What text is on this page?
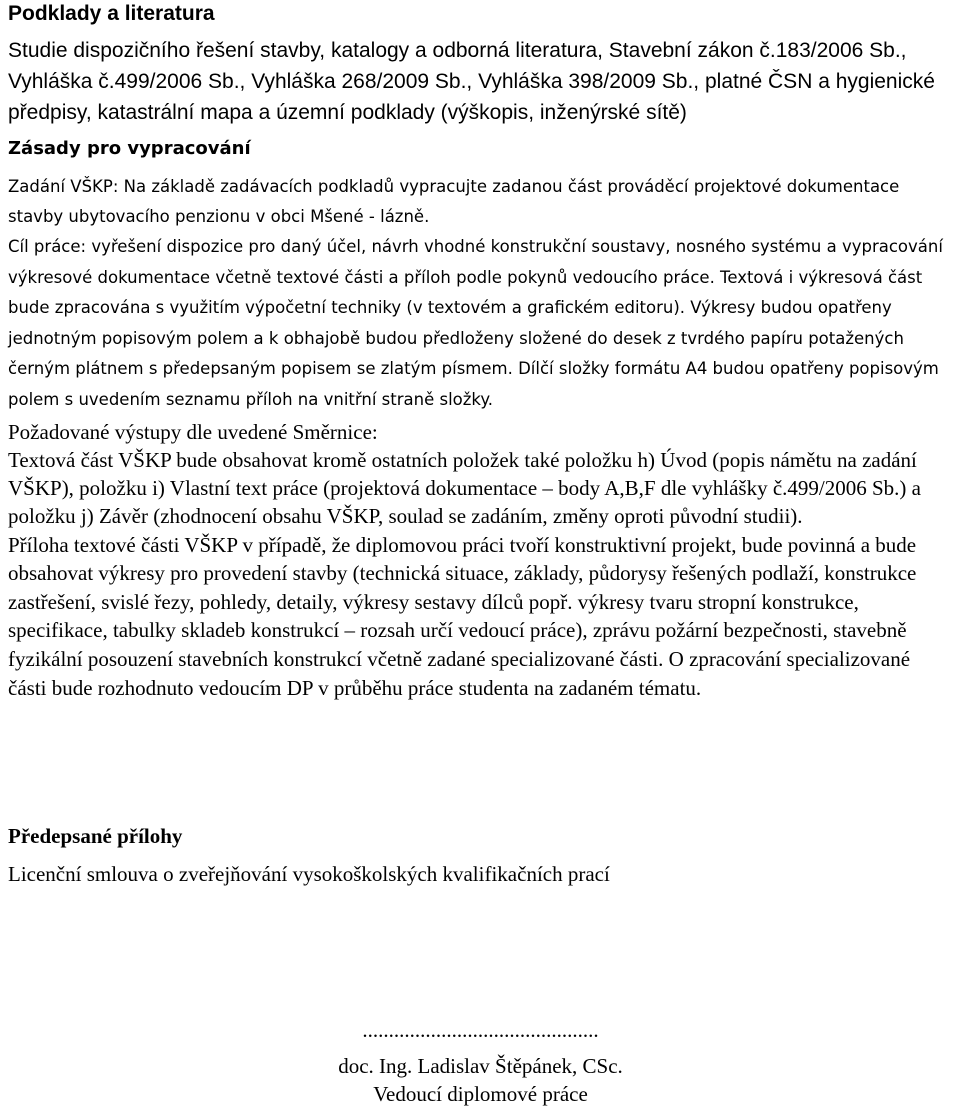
Podklady a literatura

Studie dispozičního řešení stavby, katalogy a odborná literatura, Stavební zákon č.183/2006 Sb., Vyhláška č.499/2006 Sb., Vyhláška 268/2009 Sb., Vyhláška 398/2009 Sb., platné ČSN a hygienické předpisy, katastrální mapa a územní podklady (výškopis, inženýrské sítě)

Zásady pro vypracování

Zadání VŠKP: Na základě zadávacích podkladů vypracujte zadanou část prováděcí projektové dokumentace stavby ubytovacího penzionu v obci Mšené - lázně.

Cíl práce: vyřešení dispozice pro daný účel, návrh vhodné konstrukční soustavy, nosného systému a vypracování výkresové dokumentace včetně textové části a příloh podle pokynů vedoucího práce. Textová i výkresová část bude zpracována s využitím výpočetní techniky (v textovém a grafickém editoru). Výkresy budou opatřeny jednotným popisovým polem a k obhajobě budou předloženy složené do desek z tvrdého papíru potažených černým plátnem s předepsaným popisem se zlatým písmem. Dílčí složky formátu A4 budou opatřeny popisovým polem s uvedením seznamu příloh na vnitřní straně složky.

Požadované výstupy dle uvedené Směrnice:

Textová část VŠKP bude obsahovat kromě ostatních položek také položku h) Úvod (popis námětu na zadání VŠKP), položku i) Vlastní text práce (projektová dokumentace – body A,B,F dle vyhlášky č.499/2006 Sb.) a položku j) Závěr (zhodnocení obsahu VŠKP, soulad se zadáním, změny oproti původní studii).

Příloha textové části VŠKP v případě, že diplomovou práci tvoří konstruktivní projekt, bude povinná a bude obsahovat výkresy pro provedení stavby (technická situace, základy, půdorysy řešených podlaží, konstrukce zastřešení, svislé řezy, pohledy, detaily, výkresy sestavy dílců popř. výkresy tvaru stropní konstrukce, specifikace, tabulky skladeb konstrukcí – rozsah určí vedoucí práce), zprávu požární bezpečnosti, stavebně fyzikální posouzení stavebních konstrukcí včetně zadané specializované části. O zpracování specializované části bude rozhodnuto vedoucím DP v průběhu práce studenta na zadaném tématu.

Předepsané přílohy

Licenční smlouva o zveřejňování vysokoškolských kvalifikačních prací

.............................................
doc. Ing. Ladislav Štěpánek, CSc.
Vedoucí diplomové práce
